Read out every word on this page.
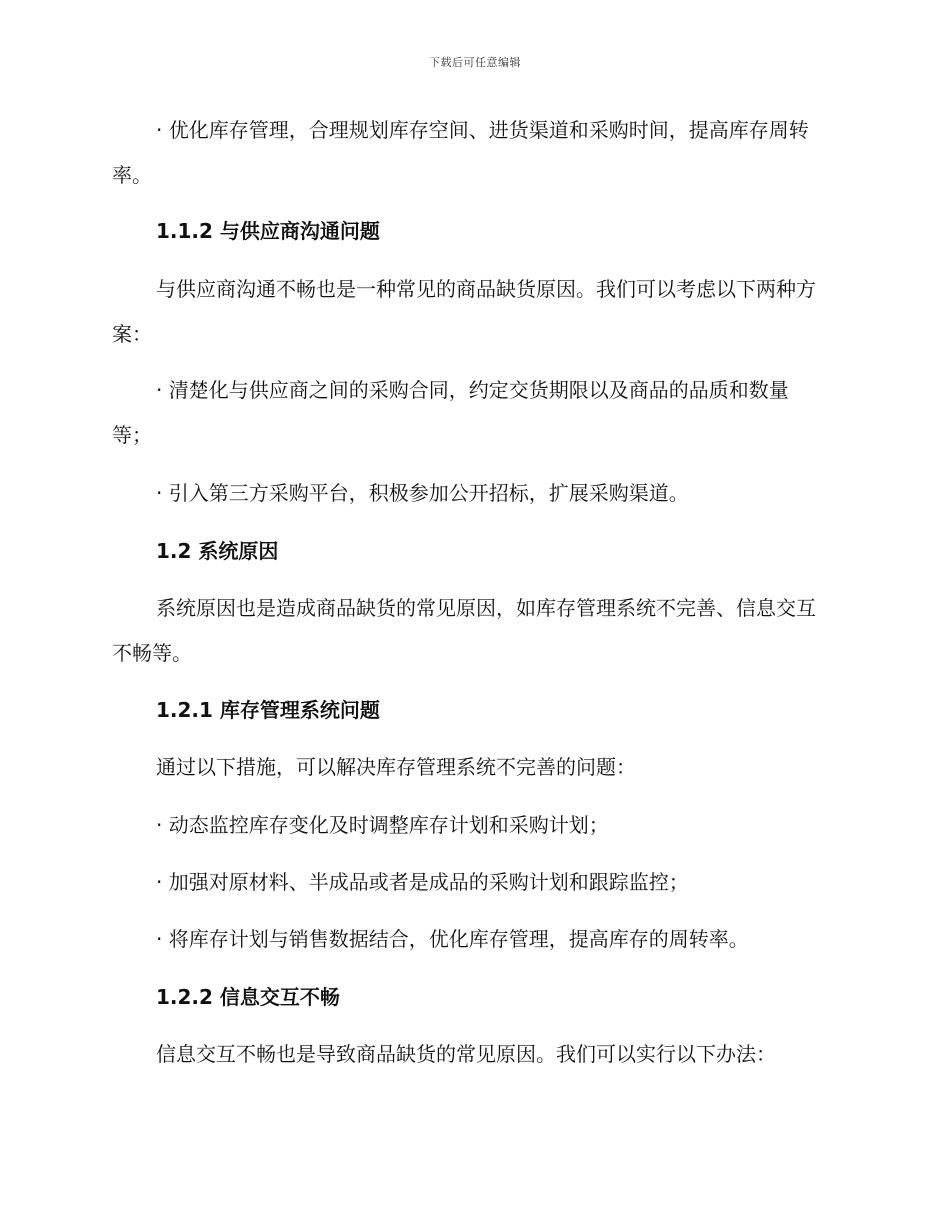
下载后可任意编辑
· 优化库存管理，合理规划库存空间、进货渠道和采购时间，提高库存周转率。
1.1.2 与供应商沟通问题
与供应商沟通不畅也是一种常见的商品缺货原因。我们可以考虑以下两种方案：
· 清楚化与供应商之间的采购合同，约定交货期限以及商品的品质和数量等；
· 引入第三方采购平台，积极参加公开招标，扩展采购渠道。
1.2 系统原因
系统原因也是造成商品缺货的常见原因，如库存管理系统不完善、信息交互不畅等。
1.2.1 库存管理系统问题
通过以下措施，可以解决库存管理系统不完善的问题：
· 动态监控库存变化及时调整库存计划和采购计划；
· 加强对原材料、半成品或者是成品的采购计划和跟踪监控；
· 将库存计划与销售数据结合，优化库存管理，提高库存的周转率。
1.2.2 信息交互不畅
信息交互不畅也是导致商品缺货的常见原因。我们可以实行以下办法：
